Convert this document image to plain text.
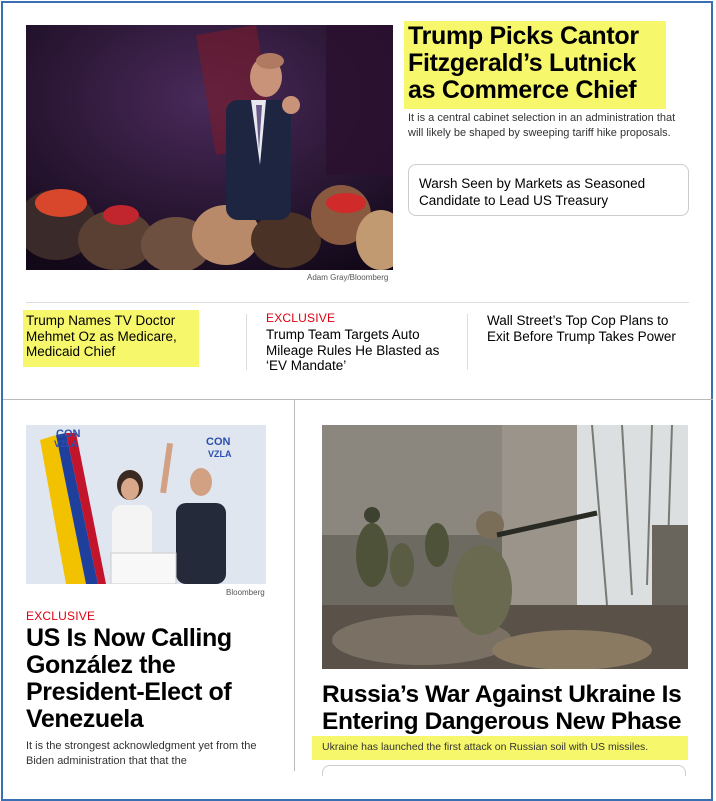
Adam Gray/Bloomberg
Trump Picks Cantor Fitzgerald’s Lutnick as Commerce Chief
It is a central cabinet selection in an administration that will likely be shaped by sweeping tariff hike proposals.
Warsh Seen by Markets as Seasoned Candidate to Lead US Treasury
Trump Names TV Doctor Mehmet Oz as Medicare, Medicaid Chief
EXCLUSIVE
Trump Team Targets Auto Mileage Rules He Blasted as ‘EV Mandate’
Wall Street’s Top Cop Plans to Exit Before Trump Takes Power
CON
VZLA	CON
VZLA
Bloomberg
EXCLUSIVE
US Is Now Calling González the President-Elect of Venezuela
It is the strongest acknowledgment yet from the Biden administration that that the
Russia’s War Against Ukraine Is Entering Dangerous New Phase
Ukraine has launched the first attack on Russian soil with US missiles.
